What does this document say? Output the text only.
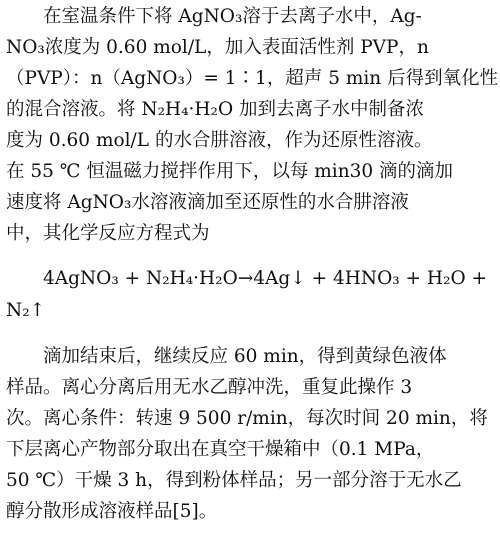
　　在室温条件下将 AgNO₃溶于去离子水中，Ag-
NO₃浓度为 0.60 mol/L，加入表面活性剂 PVP，n
（PVP）：n（AgNO₃）= 1∶1，超声 5 min 后得到氧化性
的混合溶液。将 N₂H₄·H₂O 加到去离子水中制备浓
度为 0.60 mol/L 的水合肼溶液，作为还原性溶液。
在 55 ℃ 恒温磁力搅拌作用下，以每 min30 滴的滴加
速度将 AgNO₃水溶液滴加至还原性的水合肼溶液
中，其化学反应方程式为
　　4AgNO₃ + N₂H₄·H₂O→4Ag↓ + 4HNO₃ + H₂O +
N₂↑
　　滴加结束后，继续反应 60 min，得到黄绿色液体
样品。离心分离后用无水乙醇冲洗，重复此操作 3
次。离心条件：转速 9 500 r/min，每次时间 20 min，将
下层离心产物部分取出在真空干燥箱中（0.1 MPa，
50 ℃）干燥 3 h，得到粉体样品；另一部分溶于无水乙
醇分散形成溶液样品[5]。
